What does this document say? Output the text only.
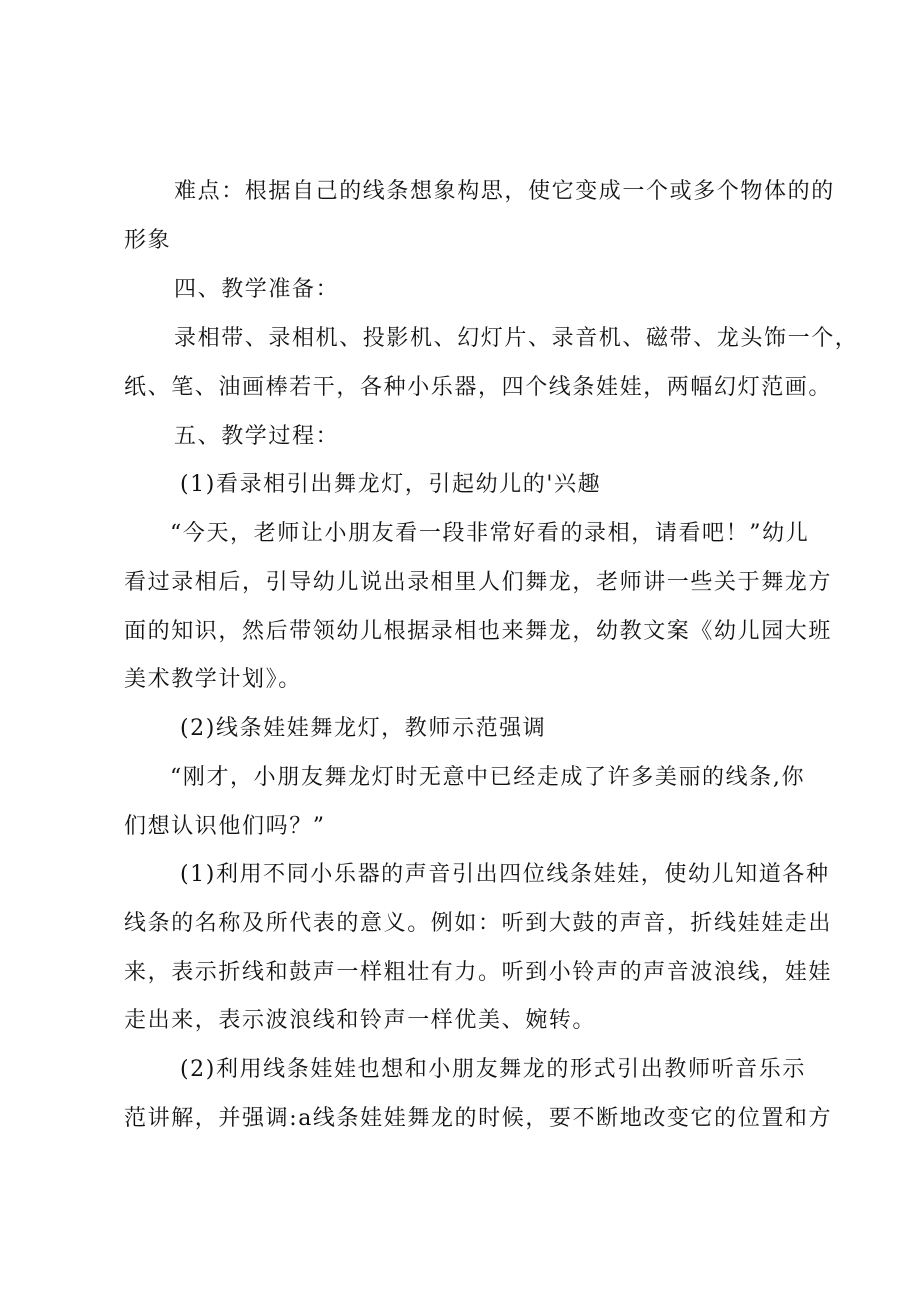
难点：根据自己的线条想象构思，使它变成一个或多个物体的的
形象
四、教学准备：
录相带、录相机、投影机、幻灯片、录音机、磁带、龙头饰一个，
纸、笔、油画棒若干，各种小乐器，四个线条娃娃，两幅幻灯范画。
五、教学过程：
(1)看录相引出舞龙灯，引起幼儿的'兴趣
“今天，老师让小朋友看一段非常好看的录相，请看吧！”幼儿
看过录相后，引导幼儿说出录相里人们舞龙，老师讲一些关于舞龙方
面的知识，然后带领幼儿根据录相也来舞龙，幼教文案《幼儿园大班
美术教学计划》。
(2)线条娃娃舞龙灯，教师示范强调
“刚才，小朋友舞龙灯时无意中已经走成了许多美丽的线条,你
们想认识他们吗？”
(1)利用不同小乐器的声音引出四位线条娃娃，使幼儿知道各种
线条的名称及所代表的意义。例如：听到大鼓的声音，折线娃娃走出
来，表示折线和鼓声一样粗壮有力。听到小铃声的声音波浪线，娃娃
走出来，表示波浪线和铃声一样优美、婉转。
(2)利用线条娃娃也想和小朋友舞龙的形式引出教师听音乐示
范讲解，并强调:a线条娃娃舞龙的时候，要不断地改变它的位置和方
